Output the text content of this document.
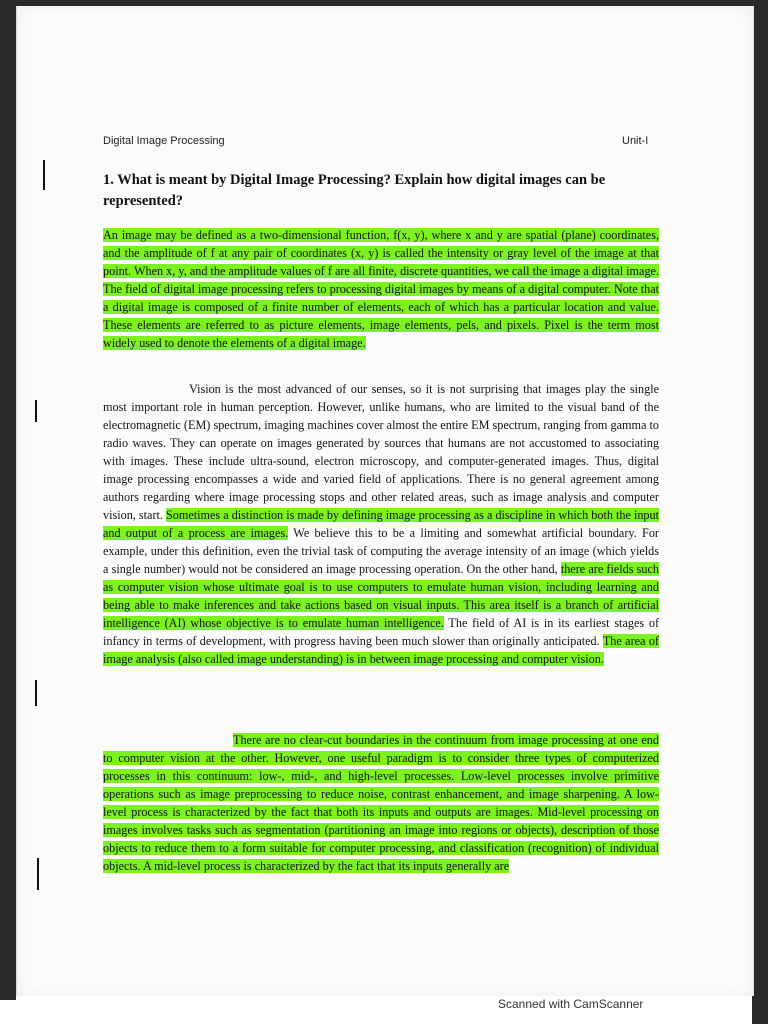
Digital Image Processing	Unit-I
1. What is meant by Digital Image Processing? Explain how digital images can be represented?
An image may be defined as a two-dimensional function, f(x, y), where x and y are spatial (plane) coordinates, and the amplitude of f at any pair of coordinates (x, y) is called the intensity or gray level of the image at that point. When x, y, and the amplitude values of f are all finite, discrete quantities, we call the image a digital image. The field of digital image processing refers to processing digital images by means of a digital computer. Note that a digital image is composed of a finite number of elements, each of which has a particular location and value. These elements are referred to as picture elements, image elements, pels, and pixels. Pixel is the term most widely used to denote the elements of a digital image.
Vision is the most advanced of our senses, so it is not surprising that images play the single most important role in human perception. However, unlike humans, who are limited to the visual band of the electromagnetic (EM) spectrum, imaging machines cover almost the entire EM spectrum, ranging from gamma to radio waves. They can operate on images generated by sources that humans are not accustomed to associating with images. These include ultra-sound, electron microscopy, and computer-generated images. Thus, digital image processing encompasses a wide and varied field of applications. There is no general agreement among authors regarding where image processing stops and other related areas, such as image analysis and computer vision, start. Sometimes a distinction is made by defining image processing as a discipline in which both the input and output of a process are images. We believe this to be a limiting and somewhat artificial boundary. For example, under this definition, even the trivial task of computing the average intensity of an image (which yields a single number) would not be considered an image processing operation. On the other hand, there are fields such as computer vision whose ultimate goal is to use computers to emulate human vision, including learning and being able to make inferences and take actions based on visual inputs. This area itself is a branch of artificial intelligence (AI) whose objective is to emulate human intelligence. The field of AI is in its earliest stages of infancy in terms of development, with progress having been much slower than originally anticipated. The area of image analysis (also called image understanding) is in between image processing and computer vision.
There are no clear-cut boundaries in the continuum from image processing at one end to computer vision at the other. However, one useful paradigm is to consider three types of computerized processes in this continuum: low-, mid-, and high-level processes. Low-level processes involve primitive operations such as image preprocessing to reduce noise, contrast enhancement, and image sharpening. A low-level process is characterized by the fact that both its inputs and outputs are images. Mid-level processing on images involves tasks such as segmentation (partitioning an image into regions or objects), description of those objects to reduce them to a form suitable for computer processing, and classification (recognition) of individual objects. A mid-level process is characterized by the fact that its inputs generally are
Scanned with CamScanner
